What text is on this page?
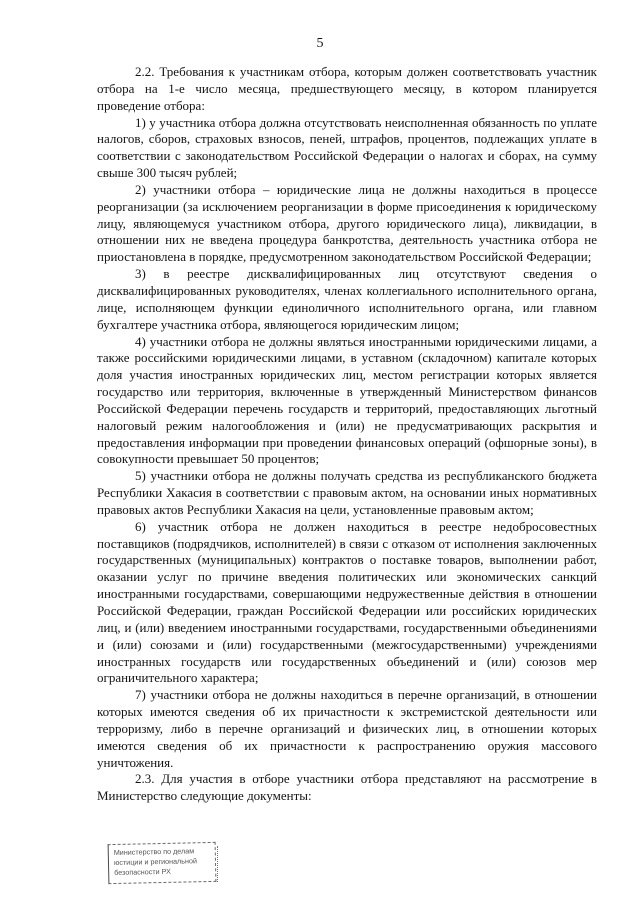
5

2.2. Требования к участникам отбора, которым должен соответствовать участник отбора на 1-е число месяца, предшествующего месяцу, в котором планируется проведение отбора:

1) у участника отбора должна отсутствовать неисполненная обязанность по уплате налогов, сборов, страховых взносов, пеней, штрафов, процентов, подлежащих уплате в соответствии с законодательством Российской Федерации о налогах и сборах, на сумму свыше 300 тысяч рублей;

2) участники отбора – юридические лица не должны находиться в процессе реорганизации (за исключением реорганизации в форме присоединения к юридическому лицу, являющемуся участником отбора, другого юридического лица), ликвидации, в отношении них не введена процедура банкротства, деятельность участника отбора не приостановлена в порядке, предусмотренном законодательством Российской Федерации;

3) в реестре дисквалифицированных лиц отсутствуют сведения о дисквалифицированных руководителях, членах коллегиального исполнительного органа, лице, исполняющем функции единоличного исполнительного органа, или главном бухгалтере участника отбора, являющегося юридическим лицом;

4) участники отбора не должны являться иностранными юридическими лицами, а также российскими юридическими лицами, в уставном (складочном) капитале которых доля участия иностранных юридических лиц, местом регистрации которых является государство или территория, включенные в утвержденный Министерством финансов Российской Федерации перечень государств и территорий, предоставляющих льготный налоговый режим налогообложения и (или) не предусматривающих раскрытия и предоставления информации при проведении финансовых операций (офшорные зоны), в совокупности превышает 50 процентов;

5) участники отбора не должны получать средства из республиканского бюджета Республики Хакасия в соответствии с правовым актом, на основании иных нормативных правовых актов Республики Хакасия на цели, установленные правовым актом;

6) участник отбора не должен находиться в реестре недобросовестных поставщиков (подрядчиков, исполнителей) в связи с отказом от исполнения заключенных государственных (муниципальных) контрактов о поставке товаров, выполнении работ, оказании услуг по причине введения политических или экономических санкций иностранными государствами, совершающими недружественные действия в отношении Российской Федерации, граждан Российской Федерации или российских юридических лиц, и (или) введением иностранными государствами, государственными объединениями и (или) союзами и (или) государственными (межгосударственными) учреждениями иностранных государств или государственных объединений и (или) союзов мер ограничительного характера;

7) участники отбора не должны находиться в перечне организаций, в отношении которых имеются сведения об их причастности к экстремистской деятельности или терроризму, либо в перечне организаций и физических лиц, в отношении которых имеются сведения об их причастности к распространению оружия массового уничтожения.

2.3. Для участия в отборе участники отбора представляют на рассмотрение в Министерство следующие документы:

Министерство по делам
юстиции и региональной
безопасности РХ
